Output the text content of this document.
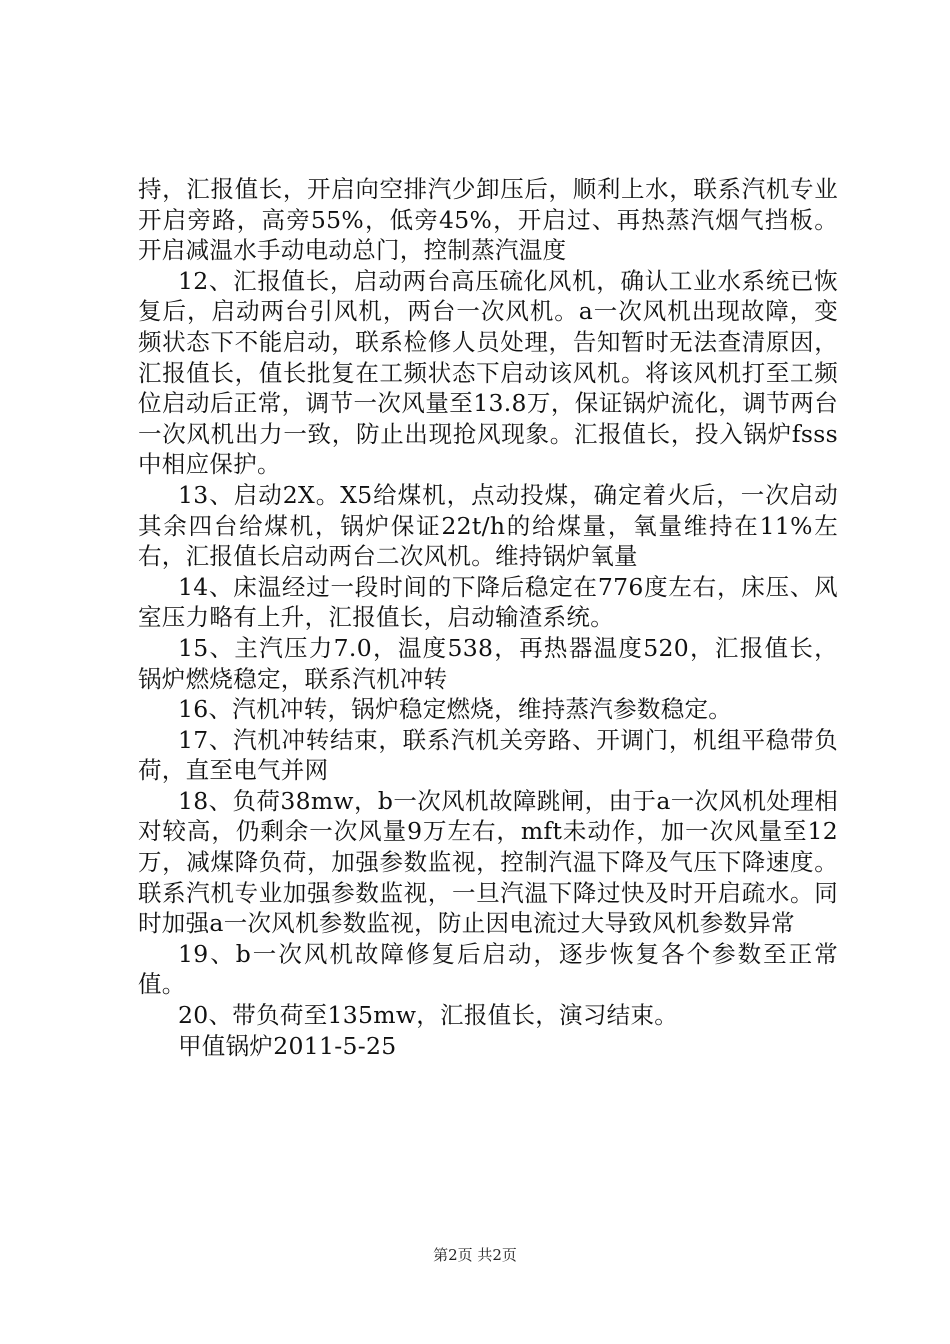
持，汇报值长，开启向空排汽少卸压后，顺利上水，联系汽机专业开启旁路，高旁55%，低旁45%，开启过、再热蒸汽烟气挡板。开启减温水手动电动总门，控制蒸汽温度

12、汇报值长，启动两台高压硫化风机，确认工业水系统已恢复后，启动两台引风机，两台一次风机。a一次风机出现故障，变频状态下不能启动，联系检修人员处理，告知暂时无法查清原因，汇报值长，值长批复在工频状态下启动该风机。将该风机打至工频位启动后正常，调节一次风量至13.8万，保证锅炉流化，调节两台一次风机出力一致，防止出现抢风现象。汇报值长，投入锅炉fsss中相应保护。

13、启动2X。X5给煤机，点动投煤，确定着火后，一次启动其余四台给煤机，锅炉保证22t/h的给煤量，氧量维持在11%左右，汇报值长启动两台二次风机。维持锅炉氧量

14、床温经过一段时间的下降后稳定在776度左右，床压、风室压力略有上升，汇报值长，启动输渣系统。

15、主汽压力7.0，温度538，再热器温度520，汇报值长，锅炉燃烧稳定，联系汽机冲转

16、汽机冲转，锅炉稳定燃烧，维持蒸汽参数稳定。

17、汽机冲转结束，联系汽机关旁路、开调门，机组平稳带负荷，直至电气并网

18、负荷38mw，b一次风机故障跳闸，由于a一次风机处理相对较高，仍剩余一次风量9万左右，mft未动作，加一次风量至12万，减煤降负荷，加强参数监视，控制汽温下降及气压下降速度。联系汽机专业加强参数监视，一旦汽温下降过快及时开启疏水。同时加强a一次风机参数监视，防止因电流过大导致风机参数异常

19、b一次风机故障修复后启动，逐步恢复各个参数至正常值。

20、带负荷至135mw，汇报值长，演习结束。

甲值锅炉2011-5-25

第2页 共2页
